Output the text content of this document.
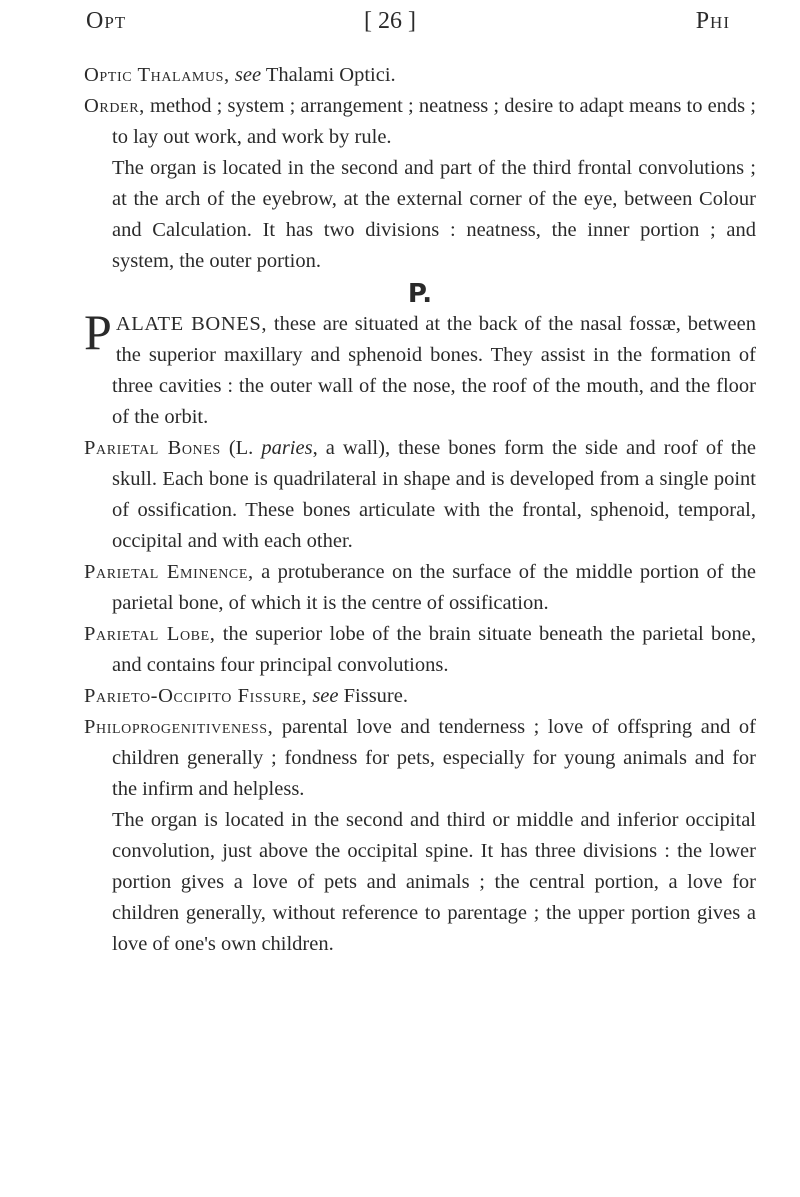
Opt	[ 26 ]	Phi

Optic Thalamus, see Thalami Optici.

Order, method ; system ; arrangement ; neatness ; desire to adapt means to ends ; to lay out work, and work by rule.

The organ is located in the second and part of the third frontal convolutions ; at the arch of the eyebrow, at the external corner of the eye, between Colour and Calculation. It has two divisions : neatness, the inner portion ; and system, the outer portion.

P.

PALATE BONES, these are situated at the back of the nasal fossæ, between the superior maxillary and sphenoid bones. They assist in the formation of three cavities : the outer wall of the nose, the roof of the mouth, and the floor of the orbit.

Parietal Bones (L. paries, a wall), these bones form the side and roof of the skull. Each bone is quadrilateral in shape and is developed from a single point of ossification. These bones articulate with the frontal, sphenoid, temporal, occipital and with each other.

Parietal Eminence, a protuberance on the surface of the middle portion of the parietal bone, of which it is the centre of ossification.

Parietal Lobe, the superior lobe of the brain situate beneath the parietal bone, and contains four principal convolutions.

Parieto-Occipito Fissure, see Fissure.

Philoprogenitiveness, parental love and tenderness ; love of offspring and of children generally ; fondness for pets, especially for young animals and for the infirm and helpless.

The organ is located in the second and third or middle and inferior occipital convolution, just above the occipital spine. It has three divisions : the lower portion gives a love of pets and animals ; the central portion, a love for children generally, without reference to parentage ; the upper portion gives a love of one's own children.
